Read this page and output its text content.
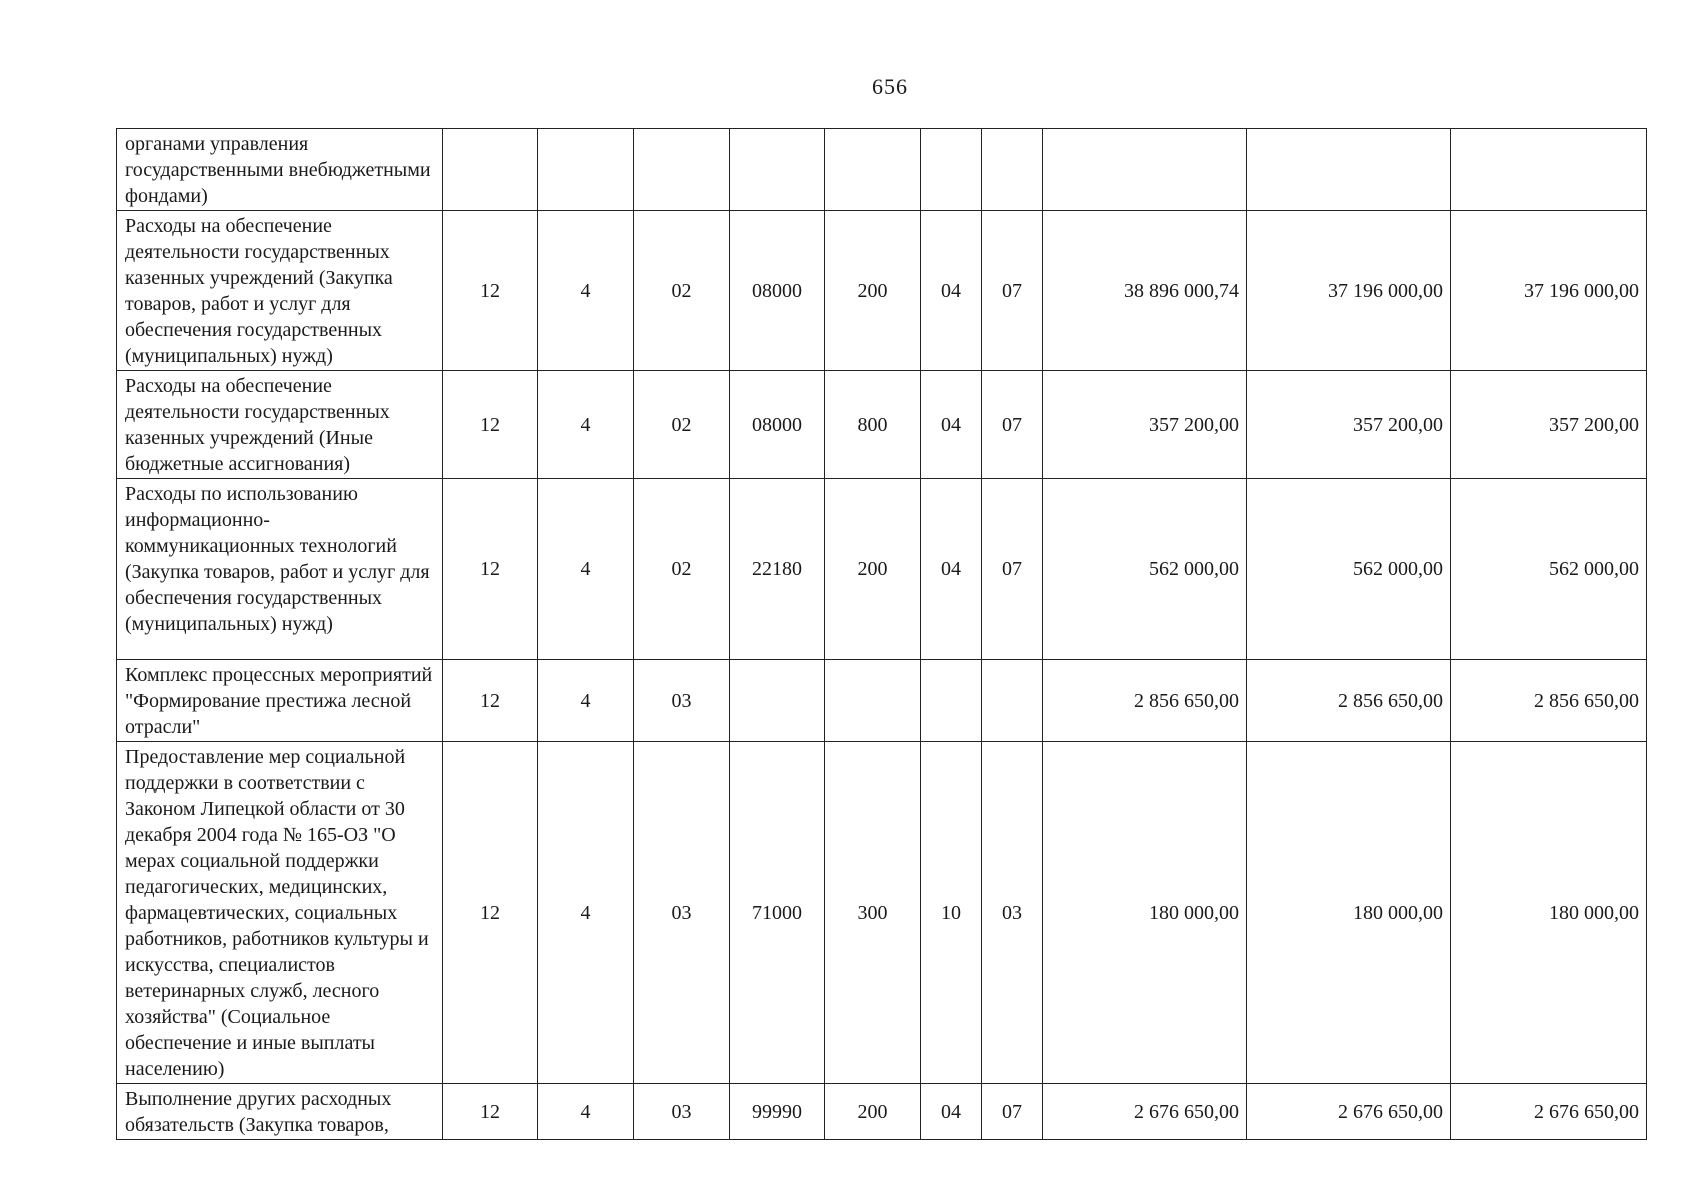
656
органами управления государственными внебюджетными фондами)										
Расходы на обеспечение деятельности государственных казенных учреждений (Закупка товаров, работ и услуг для обеспечения государственных (муниципальных) нужд)	12	4	02	08000	200	04	07	38 896 000,74	37 196 000,00	37 196 000,00
Расходы на обеспечение деятельности государственных казенных учреждений (Иные бюджетные ассигнования)	12	4	02	08000	800	04	07	357 200,00	357 200,00	357 200,00
Расходы по использованию информационно-коммуникационных технологий (Закупка товаров, работ и услуг для обеспечения государственных (муниципальных) нужд)	12	4	02	22180	200	04	07	562 000,00	562 000,00	562 000,00
Комплекс процессных мероприятий "Формирование престижа лесной отрасли"	12	4	03					2 856 650,00	2 856 650,00	2 856 650,00
Предоставление мер социальной поддержки в соответствии с Законом Липецкой области от 30 декабря 2004 года № 165-ОЗ "О мерах социальной поддержки педагогических, медицинских, фармацевтических, социальных работников, работников культуры и искусства, специалистов ветеринарных служб, лесного хозяйства" (Социальное обеспечение и иные выплаты населению)	12	4	03	71000	300	10	03	180 000,00	180 000,00	180 000,00
Выполнение других расходных обязательств (Закупка товаров,	12	4	03	99990	200	04	07	2 676 650,00	2 676 650,00	2 676 650,00
